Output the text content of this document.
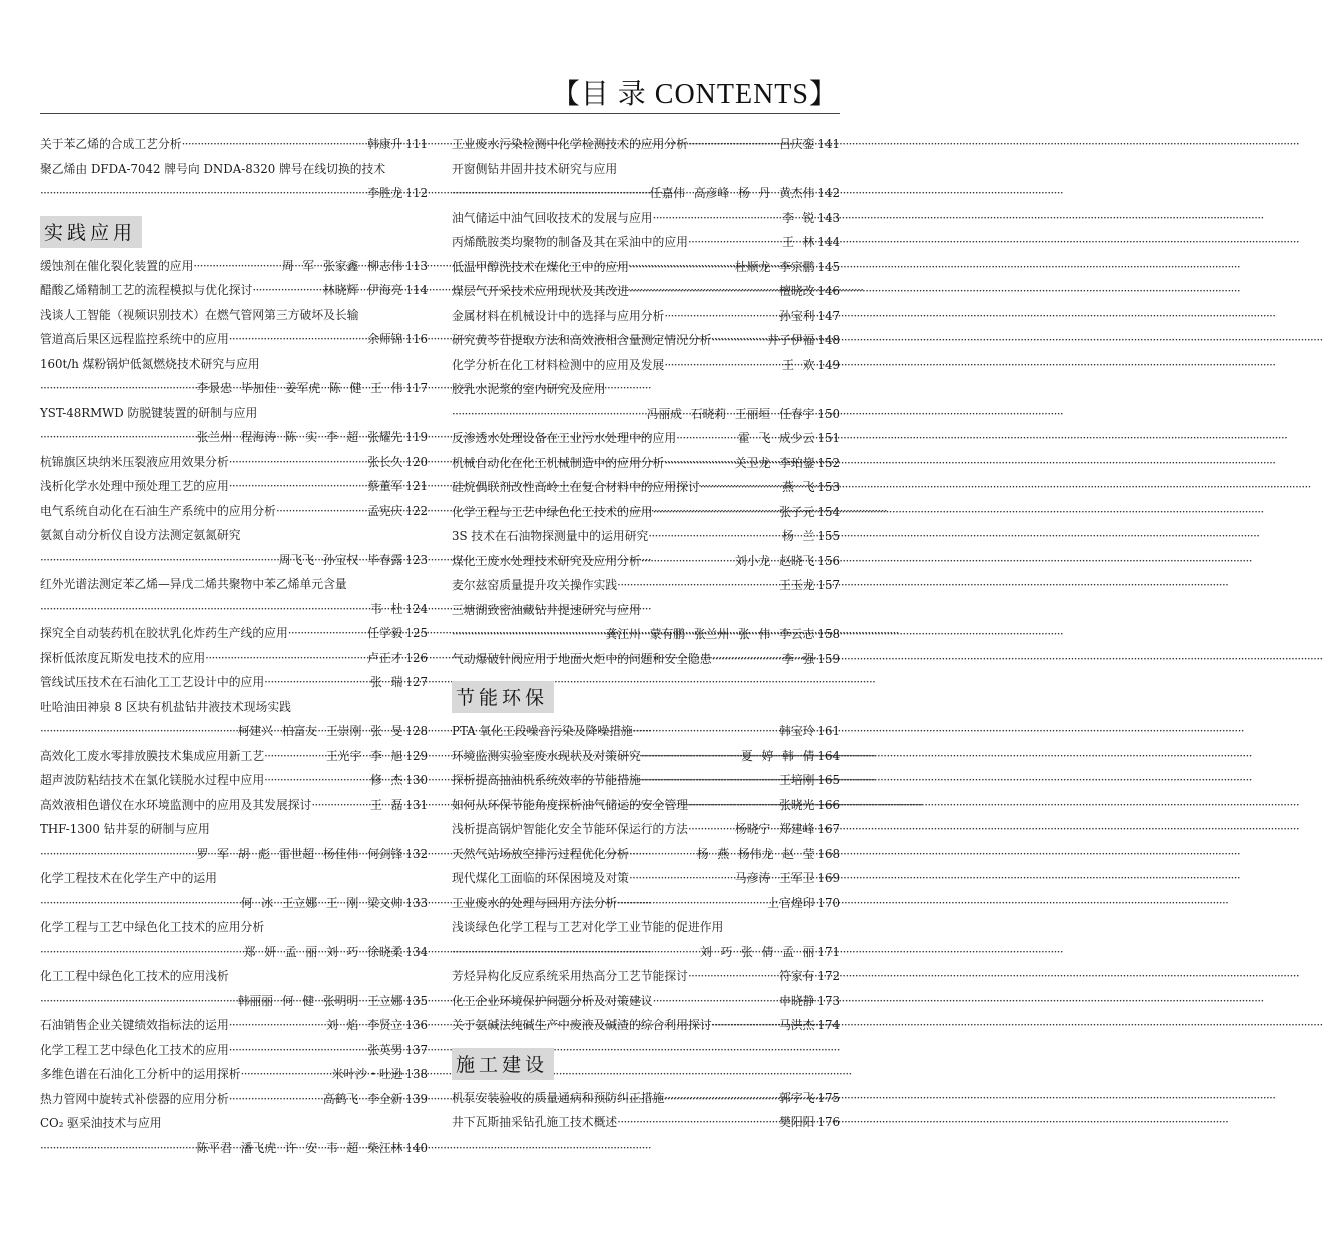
【目 录 CONTENTS】
关于苯乙烯的合成工艺分析 ·····	韩康升 111
聚乙烯由 DFDA-7042 牌号向 DNDA-8320 牌号在线切换的技术
·····
李胜龙 112
实践应用
缓蚀剂在催化裂化装置的应用 ·····	周 军 张家鑫 柳志伟 113
醋酸乙烯精制工艺的流程模拟与优化探讨 ·····	林晓辉 伊海亮 114
浅谈人工智能（视频识别技术）在燃气管网第三方破坏及长输
管道高后果区远程监控系统中的应用 ·····	余师锦 116
160t/h 煤粉锅炉低氮燃烧技术研究与应用
·····
李景忠 毕加佳 姜军虎 陈 健 王 伟 117
YST-48RMWD 防脱键装置的研制与应用
·····
张兰州 程海涛 陈 实 李 超 张耀先 119
杭锦旗区块纳米压裂液应用效果分析 ·····	张长久 120
浅析化学水处理中预处理工艺的应用 ·····	蔡董军 121
电气系统自动化在石油生产系统中的应用分析 ·····	孟宪庆 122
氨氮自动分析仪自设方法测定氨氮研究
·····
周飞飞 孙宝权 毕春露 123
红外光谱法测定苯乙烯—异戊二烯共聚物中苯乙烯单元含量
·····
韦 杜 124
探究全自动装药机在胶状乳化炸药生产线的应用 ·····	任学毅 125
探析低浓度瓦斯发电技术的应用 ·····	卢正才 126
管线试压技术在石油化工工艺设计中的应用 ·····	张 瑞 127
吐哈油田神泉 8 区块有机盐钻井液技术现场实践
·····
柯建兴 柏富友 王崇刚 张 旻 128
高效化工废水零排放膜技术集成应用新工艺 ·····	王光宇 李 旭 129
超声波防粘结技术在氯化镁脱水过程中应用 ·····	修 杰 130
高效液相色谱仪在水环境监测中的应用及其发展探讨 ·····	王 磊 131
THF-1300 钻井泵的研制与应用
·····
罗 军 胡 彪 雷世超 杨佳伟 何剑锋 132
化学工程技术在化学生产中的运用
·····
何 冰 王立娜 王 刚 梁文帅 133
化学工程与工艺中绿色化工技术的应用分析
·····
郑 妍 孟 丽 刘 巧 徐晓柔 134
化工工程中绿色化工技术的应用浅析
·····
韩丽丽 何 健 张明明 王立娜 135
石油销售企业关键绩效指标法的运用 ·····	刘 焰 李贤立 136
化学工程工艺中绿色化工技术的应用 ·····	张英男 137
多维色谱在石油化工分析中的运用探析 ·····	米叶沙・吐逊 138
热力管网中旋转式补偿器的应用分析 ·····	高鹤飞 李全新 139
CO₂ 驱采油技术与应用
·····
陈平君 潘飞虎 许 安 韦 超 柴江林 140
工业废水污染检测中化学检测技术的应用分析 ·····	吕庆銮 141
开窗侧钻井固井技术研究与应用
·····
任嘉伟 高彦峰 杨 丹 黄杰伟 142
油气储运中油气回收技术的发展与应用 ·····	李 锐 143
丙烯酰胺类均聚物的制备及其在采油中的应用 ·····	王 林 144
低温甲醇洗技术在煤化工中的应用 ·····	杜顺龙 李宗鹏 145
煤层气开采技术应用现状及其改进 ·····	檀晓改 146
金属材料在机械设计中的选择与应用分析 ·····	孙宝利 147
研究黄芩苷提取方法和高效液相含量测定情况分析 ·····	井子伊福 148
化学分析在化工材料检测中的应用及发展 ·····	王 欢 149
胶乳水泥浆的室内研究及应用
·····
冯丽成 石晓莉 王丽垣 任春宇 150
反渗透水处理设备在工业污水处理中的应用 ·····	霍 飞 成少云 151
机械自动化在化工机械制造中的应用分析 ·····	关卫龙 李珀鋆 152
硅烷偶联剂改性高岭土在复合材料中的应用探讨 ·····	燕 飞 153
化学工程与工艺中绿色化工技术的应用 ·····	张子元 154
3S 技术在石油物探测量中的运用研究 ·····	杨 兰 155
煤化工废水处理技术研究及应用分析 ·····	刘小龙 赵晓飞 156
麦尔兹窑质量提升攻关操作实践 ·····	王玉龙 157
三塘湖致密油藏钻井提速研究与应用
·····
龚江川 蒙有鹏 张兰州 张 伟 李云志 158
气动爆破针阀应用于地面火炬中的问题和安全隐患 ·····	李 强 159
节能环保
PTA 氧化工段噪音污染及降噪措施 ·····	韩宝玲 161
环境监测实验室废水现状及对策研究 ·····	夏 婷 韩 倩 164
探析提高抽油机系统效率的节能措施 ·····	王培刚 165
如何从环保节能角度探析油气储运的安全管理 ·····	张晓光 166
浅析提高锅炉智能化安全节能环保运行的方法 ·····	杨晓宁 郑建峰 167
天然气站场放空排污过程优化分析 ·····	杨 燕 杨伟龙 赵 莹 168
现代煤化工面临的环保困境及对策 ·····	马彦涛 王军卫 169
工业废水的处理与回用方法分析 ·····	上官煌印 170
浅谈绿色化学工程与工艺对化学工业节能的促进作用
·····
刘 巧 张 倩 孟 丽 171
芳烃异构化反应系统采用热高分工艺节能探讨 ·····	符家有 172
化工企业环境保护问题分析及对策建议 ·····	申晓静 173
关于氨碱法纯碱生产中废液及碱渣的综合利用探讨 ·····	马洪杰 174
施工建设
机泵安装验收的质量通病和预防纠正措施 ·····	郭宇飞 175
井下瓦斯抽采钻孔施工技术概述 ·····	樊阳阳 176
